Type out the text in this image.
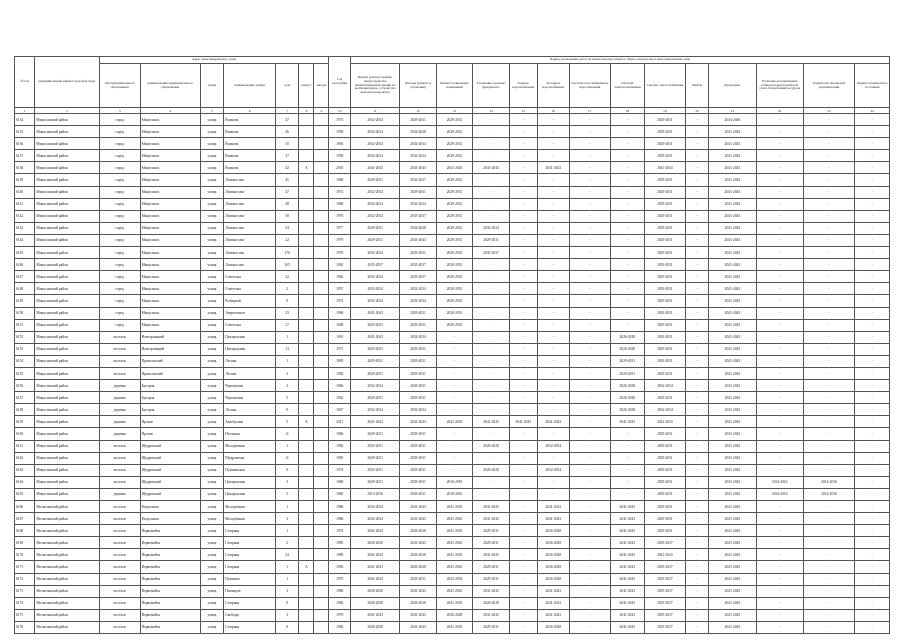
№ п/п	муниципальный район/городской округ	Адрес многоквартирного дома							Год постройки	Период проведения работ по капитальному ремонту общего имущества в многоквартирном доме													
		тип муниципального образования	наименование муниципального образования	улица	наименование улицы	дом	корпус	литера		Крыша (ремонт крыши, переустройство невентилируемой крыши на вентилируемую, устройство выходов на кровлю)	Фасады (ремонт и утепление)	Ремонт подвальных помещений	Утепление и ремонт фундамента	Горячее водоснабжение	Холодное водоснабжение	Система газоснабжения и водоотведения	Система электроснабжения	Система теплоснабжения	Лифты	Фундамент	Установка коллективных (общедомовых) приборов учета потребления ресурсов	Разработка проектной документации	Оценка технического состояния
1	2	3	4	5	6	7	8	9	10	11	12	13	14	15	16	17	18	19	20	21	22	23	24
6134	Минусинский район	город	Минусинск	улица	Воинова	47			1973	2032-2034	2029-2031	2029-2031	-	-	-	-	-	2029-2031	-	2044-2046	-	-	-
6135	Минусинский район	город	Минусинск	улица	Воинова	46			1958	2032-2034	2026-2028	2029-2031	-	-	-	-	-	2029-2031	-	2041-2043	-	-	-
6136	Минусинский район	город	Минусинск	улица	Воинова	35			1956	2032-2034	2032-2034	2029-2031	-	-	-	-	-	2029-2031	-	2041-2043	-	-	-
6137	Минусинский район	город	Минусинск	улица	Воинова	37			1958	2032-2034	2032-2034	2029-2031	-	-	-	-	-	2029-2031	-	2041-2043	-	-	-
6138	Минусинский район	город	Минусинск	улица	Воинова	42	А		2010	2041-2043	2041-2043	2041-2043	2041-2043	-	2041-2043	-	-	2041-2043	-	2041-2043	-	-	-
6139	Минусинский район	город	Минусинск	улица	Ломоносова	45			1968	2029-2031	2032-2037	2029-2031	-	-	-	-	-	2029-2031	-	2041-2043	-	-	-
6140	Минусинский район	город	Минусинск	улица	Ломоносова	47			1972	2032-2034	2029-2031	2029-2031	-	-	-	-	-	2029-2031	-	2041-2043	-	-	-
6141	Минусинский район	город	Минусинск	улица	Ломоносова	48			1968	2032-2034	2032-2034	2029-2031	-	-	-	-	-	2029-2031	-	2041-2043	-	-	-
6142	Минусинский район	город	Минусинск	улица	Ломоносова	50			1970	2032-2034	2035-2037	2029-2031	-	-	-	-	-	2029-2031	-	2041-2043	-	-	-
6143	Минусинский район	город	Минусинск	улица	Ломоносова	54			1977	2029-2031	2026-2028	2029-2031	2032-2034	-	-	-	-	2029-2031	-	2041-2043	-	-	-
6144	Минусинский район	город	Минусинск	улица	Ломоносова	22			1979	2029-2031	2041-2043	2029-2031	2029-2031	-	-	-	-	2029-2031	-	2041-2043	-	-	-
6145	Минусинский район	город	Минусинск	улица	Ломоносова	176			1970	2032-2034	2029-2031	2029-2031	2035-2037	-	-	-	-	2029-2031	-	2041-2043	-	-	-
6146	Минусинский район	город	Минусинск	улица	Ломоносова	165			1962	2035-2037	2035-2037	2029-2031	-	-	-	-	-	2029-2031	-	2041-2043	-	-	-
6147	Минусинский район	город	Минусинск	улица	Советская	22			1962	2032-2034	2035-2037	2029-2031	-	-	-	-	-	2029-2031	-	2041-2043	-	-	-
6148	Минусинский район	город	Минусинск	улица	Советская	2			1957	2032-2034	2032-2034	2029-2031	-	-	-	-	-	2029-2031	-	2041-2043	-	-	-
6149	Минусинский район	город	Минусинск	улица	Рыбацкий	9			1974	2032-2034	2032-2034	2029-2031	-	-	-	-	-	2029-2031	-	2041-2043	-	-	-
6150	Минусинский район	город	Минусинск	улица	Энергетиков	23			1968	2041-2043	2029-2031	2029-2031	-	-	-	-	-	2029-2031	-	2041-2043	-	-	-
6151	Минусинский район	город	Минусинск	улица	Советская	27			1948	2029-2031	2029-2031	2029-2031	-	-	-	-	-	2029-2031	-	2041-2043	-	-	-
6152	Минусинский район	поселок	Новотроицкий	улица	Центральная	1			1961	2041-2043	2032-2034	-	-	-	-	-	2026-2028	2029-2031	-	2041-2043	-	-	-
6153	Минусинский район	поселок	Новотроицкий	улица	Центральная	13			1971	2029-2031	2029-2031	-	-	-	-	-	2026-2028	2029-2031	-	2041-2043	-	-	-
6154	Минусинский район	поселок	Прихолмский	улица	Лесная	1			1983	2029-2031	2029-2031	-	-	-	-	-	2029-2031	2029-2031	-	2041-2043	-	-	-
6155	Минусинский район	поселок	Прихолмский	улица	Лесная	3			1982	2029-2031	2029-2031	-	-	-	-	-	2029-2031	2029-2031	-	2041-2043	-	-	-
6156	Минусинский район	деревня	Быстрая	улица	Черемушки	3			1966	2032-2034	2029-2031	-	-	-	-	-	2026-2028	2032-2034	-	2041-2043	-	-	-
6157	Минусинский район	деревня	Быстрая	улица	Черемушки	5			1962	2029-2031	2029-2031	-	-	-	-	-	2026-2028	2029-2031	-	2041-2043	-	-	-
6158	Минусинский район	деревня	Быстрая	улица	Лесная	9			1967	2032-2034	2032-2034	-	-	-	-	-	2026-2028	2032-2034	-	2041-2043	-	-	-
6159	Минусинский район	деревня	Прочие	улица	Автобусная	5	А		2011	2041-2043	2041-2043	2041-2043	2041-2043	2041-2043	2041-2043	-	2041-2043	2041-2043	-	2041-2043	-	-	-
6160	Минусинский район	деревня	Прочие	улица	Песчаная	11			1966	2029-2031	2029-2031	-	-	-	-	-	-	2029-2031	-	2041-2043	-	-	-
6161	Минусинский район	поселок	Щедровский	улица	Молодёжная	1			1984	2029-2031	2029-2031	-	2026-2028	-	2032-2034	-	-	2029-2031	-	2041-2043	-	-	-
6162	Минусинский район	поселок	Щедровский	улица	Щедровская	11			1965	2029-2031	2029-2031	-	-	-	-	-	-	2029-2031	-	2041-2043	-	-	-
6163	Минусинский район	поселок	Щедровский	улица	Пушкинская	9			1974	2029-2031	2029-2031	-	2026-2028	-	2032-2034	-	-	2029-2031	-	2041-2043	-	-	-
6164	Минусинский район	поселок	Щедровский	улица	Центральная	3			1968	2029-2031	2029-2031	2016-2018	-	-	-	-	-	2029-2031	-	2041-2043	2014-2016	2014-2016	-
6165	Минусинский район	деревня	Щедровский	улица	Центральная	5			1960	2014-2016	2026-2031	2016-2016	-	-	-	-	-	2029-2031	-	2041-2043	2014-2016	2014-2016	-
6166	Мотыгинский район	поселок	Раздолинск	улица	Молодёжная	1			1986	2032-2034	2041-2043	2041-2043	2041-2043	-	2041-2043	-	2041-2043	2029-2031	-	2041-2043	-	-	-
6167	Мотыгинский район	поселок	Раздолинск	улица	Молодёжная	3			1986	2032-2034	2041-2043	2041-2043	2041-2043	-	2041-2043	-	2041-2043	2029-2031	-	2041-2043	-	-	-
6168	Мотыгинский район	поселок	Первомайск	улица	Гагарина	1			1974	2041-2043	2026-2028	2041-2043	2029-2031	-	2026-2028	-	2041-2043	2029-2031	-	2041-2043	-	-	-
6169	Мотыгинский район	поселок	Первомайск	улица	Гагарина	2			1985	2026-2028	2041-2043	2041-2043	2029-2031	-	2026-2028	-	2041-2043	2035-2037	-	2041-2043	-	-	-
6170	Мотыгинский район	поселок	Первомайск	улица	Гагарина	24			1989	2041-2043	2026-2028	2041-2043	2041-2043	-	2026-2028	-	2041-2043	2041-2043	-	2041-2043	-	-	-
6171	Мотыгинский район	поселок	Первомайск	улица	Гагарина	1	А		1992	2041-2043	2026-2028	2041-2043	2029-2031	-	2026-2028	-	2041-2043	2035-2037	-	2041-2043	-	-	-
6172	Мотыгинский район	поселок	Первомайск	улица	Пушкина	1			1979	2041-2043	2029-2031	2032-2034	2029-2031	-	2026-2028	-	2041-2043	2035-2037	-	2041-2043	-	-	-
6173	Мотыгинский район	поселок	Первомайск	улица	Пионеров	3			1980	2026-2028	2041-2043	2041-2043	2041-2043	-	2041-2043	-	2041-2043	2035-2037	-	2041-2043	-	-	-
6174	Мотыгинский район	поселок	Первомайск	улица	Гагарина	6			1984	2026-2028	2026-2028	2041-2043	2026-2028	-	2041-2043	-	2041-2043	2035-2037	-	2041-2043	-	-	-
6175	Мотыгинский район	поселок	Первомайск	улица	Свободы	3			1979	2041-2043	2041-2043	2026-2028	2041-2043	-	2041-2043	-	2041-2043	2035-2037	-	2041-2043	-	-	-
6176	Мотыгинский район	поселок	Первомайск	улица	Гагарина	8			1984	2026-2028	2041-2043	2041-2043	2029-2031	-	2026-2028	-	2041-2043	2035-2037	-	2041-2043	-	-	-
